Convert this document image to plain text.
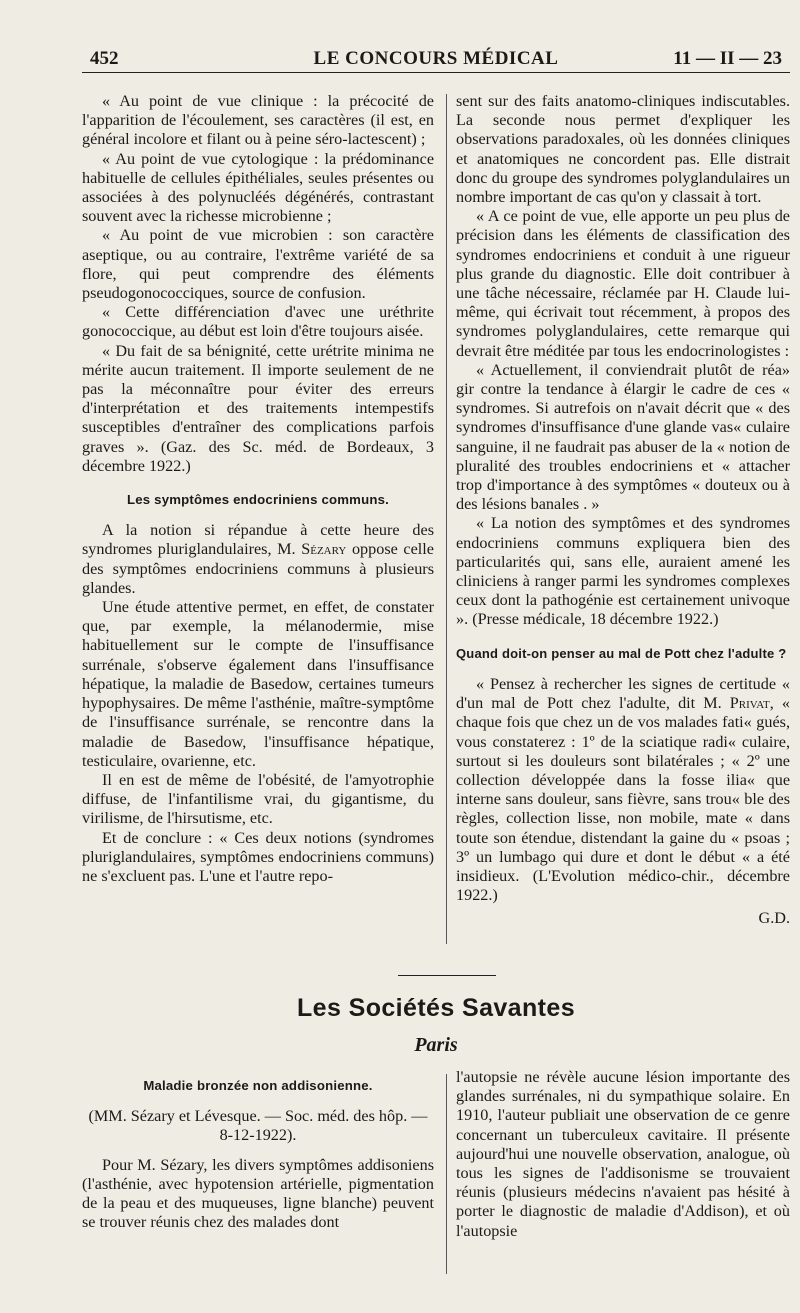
452	LE CONCOURS MÉDICAL	11 — II — 23

« Au point de vue clinique : la précocité de l'apparition de l'écoulement, ses caractères (il est, en général incolore et filant ou à peine séro-lactescent) ;

« Au point de vue cytologique : la prédominance habituelle de cellules épithéliales, seules présentes ou associées à des polynucléés dégénérés, contrastant souvent avec la richesse microbienne ;

« Au point de vue microbien : son caractère aseptique, ou au contraire, l'extrême variété de sa flore, qui peut comprendre des éléments pseudogonococciques, source de confusion.

« Cette différenciation d'avec une uréthrite gonococcique, au début est loin d'être toujours aisée.

« Du fait de sa bénignité, cette urétrite minima ne mérite aucun traitement. Il importe seulement de ne pas la méconnaître pour éviter des erreurs d'interprétation et des traitements intempestifs susceptibles d'entraîner des complications parfois graves ». (Gaz. des Sc. méd. de Bordeaux, 3 décembre 1922.)

Les symptômes endocriniens communs.

A la notion si répandue à cette heure des syndromes pluriglandulaires, M. Sézary oppose celle des symptômes endocriniens communs à plusieurs glandes.

Une étude attentive permet, en effet, de constater que, par exemple, la mélanodermie, mise habituellement sur le compte de l'insuffisance surrénale, s'observe également dans l'insuffisance hépatique, la maladie de Basedow, certaines tumeurs hypophysaires. De même l'asthénie, maître-symptôme de l'insuffisance surrénale, se rencontre dans la maladie de Basedow, l'insuffisance hépatique, testiculaire, ovarienne, etc.

Il en est de même de l'obésité, de l'amyotrophie diffuse, de l'infantilisme vrai, du gigantisme, du virilisme, de l'hirsutisme, etc.

Et de conclure : « Ces deux notions (syndromes pluriglandulaires, symptômes endocriniens communs) ne s'excluent pas. L'une et l'autre repo-

sent sur des faits anatomo-cliniques indiscutables. La seconde nous permet d'expliquer les observations paradoxales, où les données cliniques et anatomiques ne concordent pas. Elle distrait donc du groupe des syndromes polyglandulaires un nombre important de cas qu'on y classait à tort.

« A ce point de vue, elle apporte un peu plus de précision dans les éléments de classification des syndromes endocriniens et conduit à une rigueur plus grande du diagnostic. Elle doit contribuer à une tâche nécessaire, réclamée par H. Claude lui-même, qui écrivait tout récemment, à propos des syndromes polyglandulaires, cette remarque qui devrait être méditée par tous les endocrinologistes :

« Actuellement, il conviendrait plutôt de réa» gir contre la tendance à élargir le cadre de ces « syndromes. Si autrefois on n'avait décrit que « des syndromes d'insuffisance d'une glande vas« culaire sanguine, il ne faudrait pas abuser de la « notion de pluralité des troubles endocriniens et « attacher trop d'importance à des symptômes « douteux ou à des lésions banales . »

« La notion des symptômes et des syndromes endocriniens communs expliquera bien des particularités qui, sans elle, auraient amené les cliniciens à ranger parmi les syndromes complexes ceux dont la pathogénie est certainement univoque ». (Presse médicale, 18 décembre 1922.)

Quand doit-on penser au mal de Pott chez l'adulte ?

« Pensez à rechercher les signes de certitude « d'un mal de Pott chez l'adulte, dit M. Privat, « chaque fois que chez un de vos malades fati« gués, vous constaterez : 1º de la sciatique radi« culaire, surtout si les douleurs sont bilatérales ; « 2º une collection développée dans la fosse ilia« que interne sans douleur, sans fièvre, sans trou« ble des règles, collection lisse, non mobile, mate « dans toute son étendue, distendant la gaine du « psoas ; 3º un lumbago qui dure et dont le début « a été insidieux. (L'Evolution médico-chir., décembre 1922.)

G.D.
Les Sociétés Savantes
Paris
Maladie bronzée non addisonienne.

(MM. Sézary et Lévesque. — Soc. méd. des hôp. — 8-12-1922).

Pour M. Sézary, les divers symptômes addisoniens (l'asthénie, avec hypotension artérielle, pigmentation de la peau et des muqueuses, ligne blanche) peuvent se trouver réunis chez des malades dont

l'autopsie ne révèle aucune lésion importante des glandes surrénales, ni du sympathique solaire. En 1910, l'auteur publiait une observation de ce genre concernant un tuberculeux cavitaire. Il présente aujourd'hui une nouvelle observation, analogue, où tous les signes de l'addisonisme se trouvaient réunis (plusieurs médecins n'avaient pas hésité à porter le diagnostic de maladie d'Addison), et où l'autopsie
